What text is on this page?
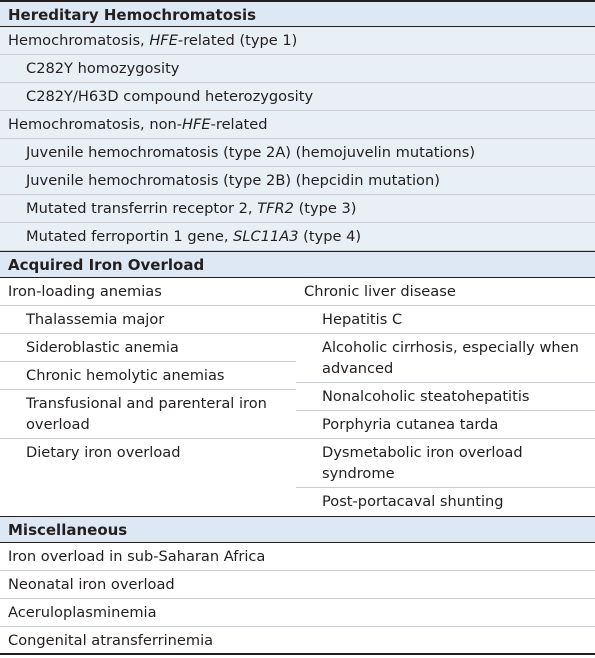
Hereditary Hemochromatosis
Hemochromatosis, HFE-related (type 1)
C282Y homozygosity
C282Y/H63D compound heterozygosity
Hemochromatosis, non-HFE-related
Juvenile hemochromatosis (type 2A) (hemojuvelin mutations)
Juvenile hemochromatosis (type 2B) (hepcidin mutation)
Mutated transferrin receptor 2, TFR2 (type 3)
Mutated ferroportin 1 gene, SLC11A3 (type 4)
Acquired Iron Overload
Iron-loading anemias
Thalassemia major
Sideroblastic anemia
Chronic hemolytic anemias
Transfusional and parenteral iron overload
Dietary iron overload
Chronic liver disease
Hepatitis C
Alcoholic cirrhosis, especially when advanced
Nonalcoholic steatohepatitis
Porphyria cutanea tarda
Dysmetabolic iron overload syndrome
Post-portacaval shunting
Miscellaneous
Iron overload in sub-Saharan Africa
Neonatal iron overload
Aceruloplasminemia
Congenital atransferrinemia
